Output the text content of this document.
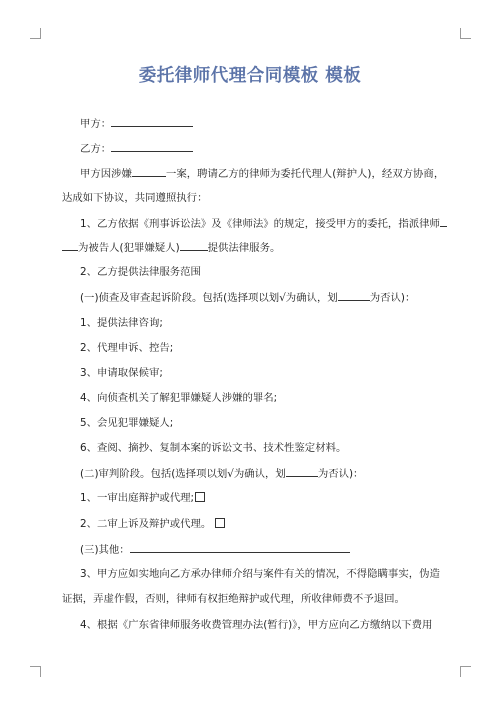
委托律师代理合同模板 模板
甲方：
乙方：
甲方因涉嫌	一案，聘请乙方的律师为委托代理人(辩护人)，经双方协商，
达成如下协议，共同遵照执行：
1、乙方依据《刑事诉讼法》及《律师法》的规定，接受甲方的委托，指派律师
为被告人(犯罪嫌疑人)	提供法律服务。
2、乙方提供法律服务范围
(一)侦查及审查起诉阶段。包括(选择项以划√为确认，划	为否认)：
1、提供法律咨询;
2、代理申诉、控告;
3、申请取保候审;
4、向侦查机关了解犯罪嫌疑人涉嫌的罪名;
5、会见犯罪嫌疑人;
6、查阅、摘抄、复制本案的诉讼文书、技术性鉴定材料。
(二)审判阶段。包括(选择项以划√为确认，划	为否认)：
1、一审出庭辩护或代理;
2、二审上诉及辩护或代理。
(三)其他：
3、甲方应如实地向乙方承办律师介绍与案件有关的情况，不得隐瞒事实，伪造
证据，弄虚作假，否则，律师有权拒绝辩护或代理，所收律师费不予退回。
4、根据《广东省律师服务收费管理办法(暂行)》，甲方应向乙方缴纳以下费用
